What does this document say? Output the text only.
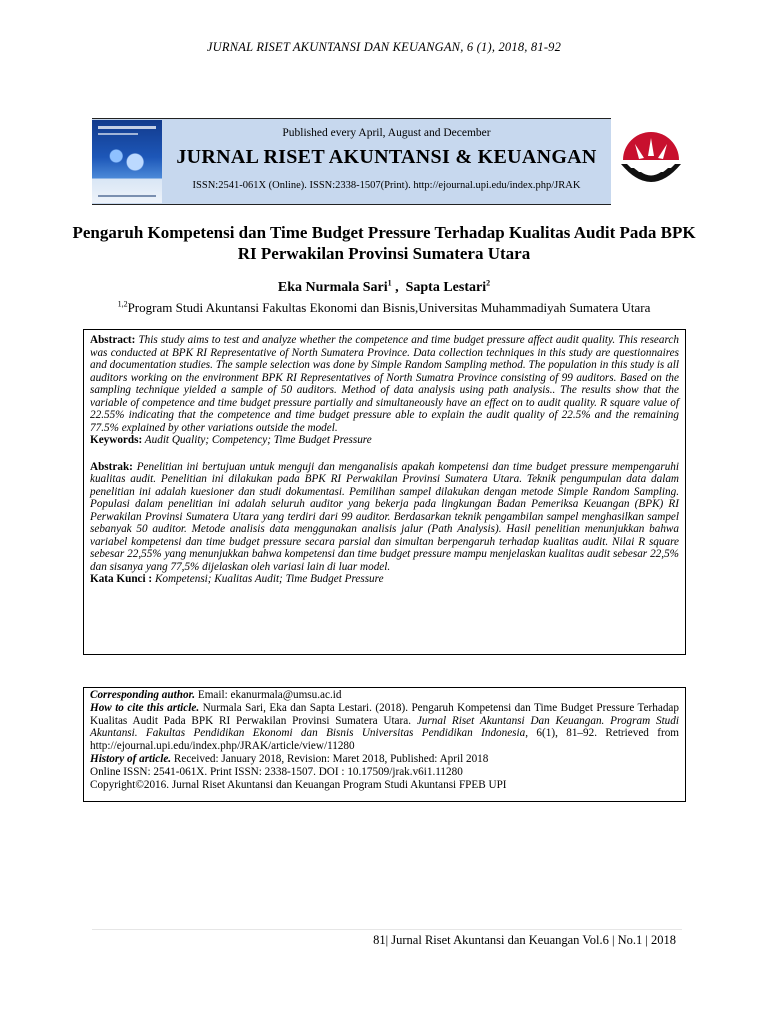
JURNAL RISET AKUNTANSI DAN KEUANGAN, 6 (1), 2018, 81-92
Published every April, August and December
JURNAL RISET AKUNTANSI & KEUANGAN
ISSN:2541-061X (Online). ISSN:2338-1507(Print). http://ejournal.upi.edu/index.php/JRAK
Pengaruh Kompetensi dan Time Budget Pressure Terhadap Kualitas Audit Pada BPK RI Perwakilan Provinsi Sumatera Utara
Eka Nurmala Sari$^1$ ,  Sapta Lestari$^2$
$^{1,2}$Program Studi Akuntansi Fakultas Ekonomi dan Bisnis,Universitas Muhammadiyah Sumatera Utara

Abstract: This study aims to test and analyze whether the competence and time budget pressure affect audit quality. This research was conducted at BPK RI Representative of North Sumatera Province. Data collection techniques in this study are questionnaires and documentation studies. The sample selection was done by Simple Random Sampling method. The population in this study is all auditors working on the environment BPK RI Representatives of North Sumatra Province consisting of 99 auditors. Based on the sampling technique yielded a sample of 50 auditors. Method of data analysis using path analysis.. The results show that the variable of competence and time budget pressure partially and simultaneously have an effect on to audit quality. R square value of 22.55% indicating that the competence and time budget pressure able to explain the audit quality of 22.5% and the remaining 77.5% explained by other variations outside the model.

Keywords: Audit Quality; Competency; Time Budget Pressure

Abstrak: Penelitian ini bertujuan untuk menguji dan menganalisis apakah kompetensi dan time budget pressure mempengaruhi kualitas audit. Penelitian ini dilakukan pada BPK RI Perwakilan Provinsi Sumatera Utara. Teknik pengumpulan data dalam penelitian ini adalah kuesioner dan studi dokumentasi. Pemilihan sampel dilakukan dengan metode Simple Random Sampling. Populasi dalam penelitian ini adalah seluruh auditor yang bekerja pada lingkungan Badan Pemeriksa Keuangan (BPK) RI Perwakilan Provinsi Sumatera Utara yang terdiri dari 99 auditor. Berdasarkan teknik pengambilan sampel menghasilkan sampel sebanyak 50 auditor. Metode analisis data menggunakan analisis jalur (Path Analysis). Hasil penelitian menunjukkan bahwa variabel kompetensi dan time budget pressure secara parsial dan simultan berpengaruh terhadap kualitas audit. Nilai R square sebesar 22,55% yang menunjukkan bahwa kompetensi dan time budget pressure mampu menjelaskan kualitas audit sebesar 22,5% dan sisanya yang 77,5% dijelaskan oleh variasi lain di luar model.

Kata Kunci : Kompetensi; Kualitas Audit; Time Budget Pressure

Corresponding author. Email: ekanurmala@umsu.ac.id

How to cite this article. Nurmala Sari, Eka dan Sapta Lestari. (2018). Pengaruh Kompetensi dan Time Budget Pressure Terhadap Kualitas Audit Pada BPK RI Perwakilan Provinsi Sumatera Utara. Jurnal Riset Akuntansi Dan Keuangan. Program Studi Akuntansi. Fakultas Pendidikan Ekonomi dan Bisnis Universitas Pendidikan Indonesia, 6(1), 81–92. Retrieved from http://ejournal.upi.edu/index.php/JRAK/article/view/11280

History of article. Received: January 2018, Revision: Maret 2018, Published: April 2018

Online ISSN: 2541-061X. Print ISSN: 2338-1507. DOI : 10.17509/jrak.v6i1.11280

Copyright©2016. Jurnal Riset Akuntansi dan Keuangan Program Studi Akuntansi FPEB UPI

81| Jurnal Riset Akuntansi dan Keuangan Vol.6 | No.1 | 2018
